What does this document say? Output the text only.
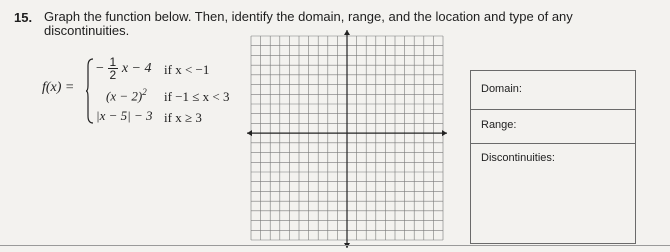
15. Graph the function below. Then, identify the domain, range, and the location and type of any discontinuities.
f(x) =
− $\frac{1}{2}$ x − 4 if x < −1
$(x - 2)^2$ if −1 ≤ x < 3
|x − 5| − 3 if x ≥ 3
Domain:
Range:
Discontinuities:
